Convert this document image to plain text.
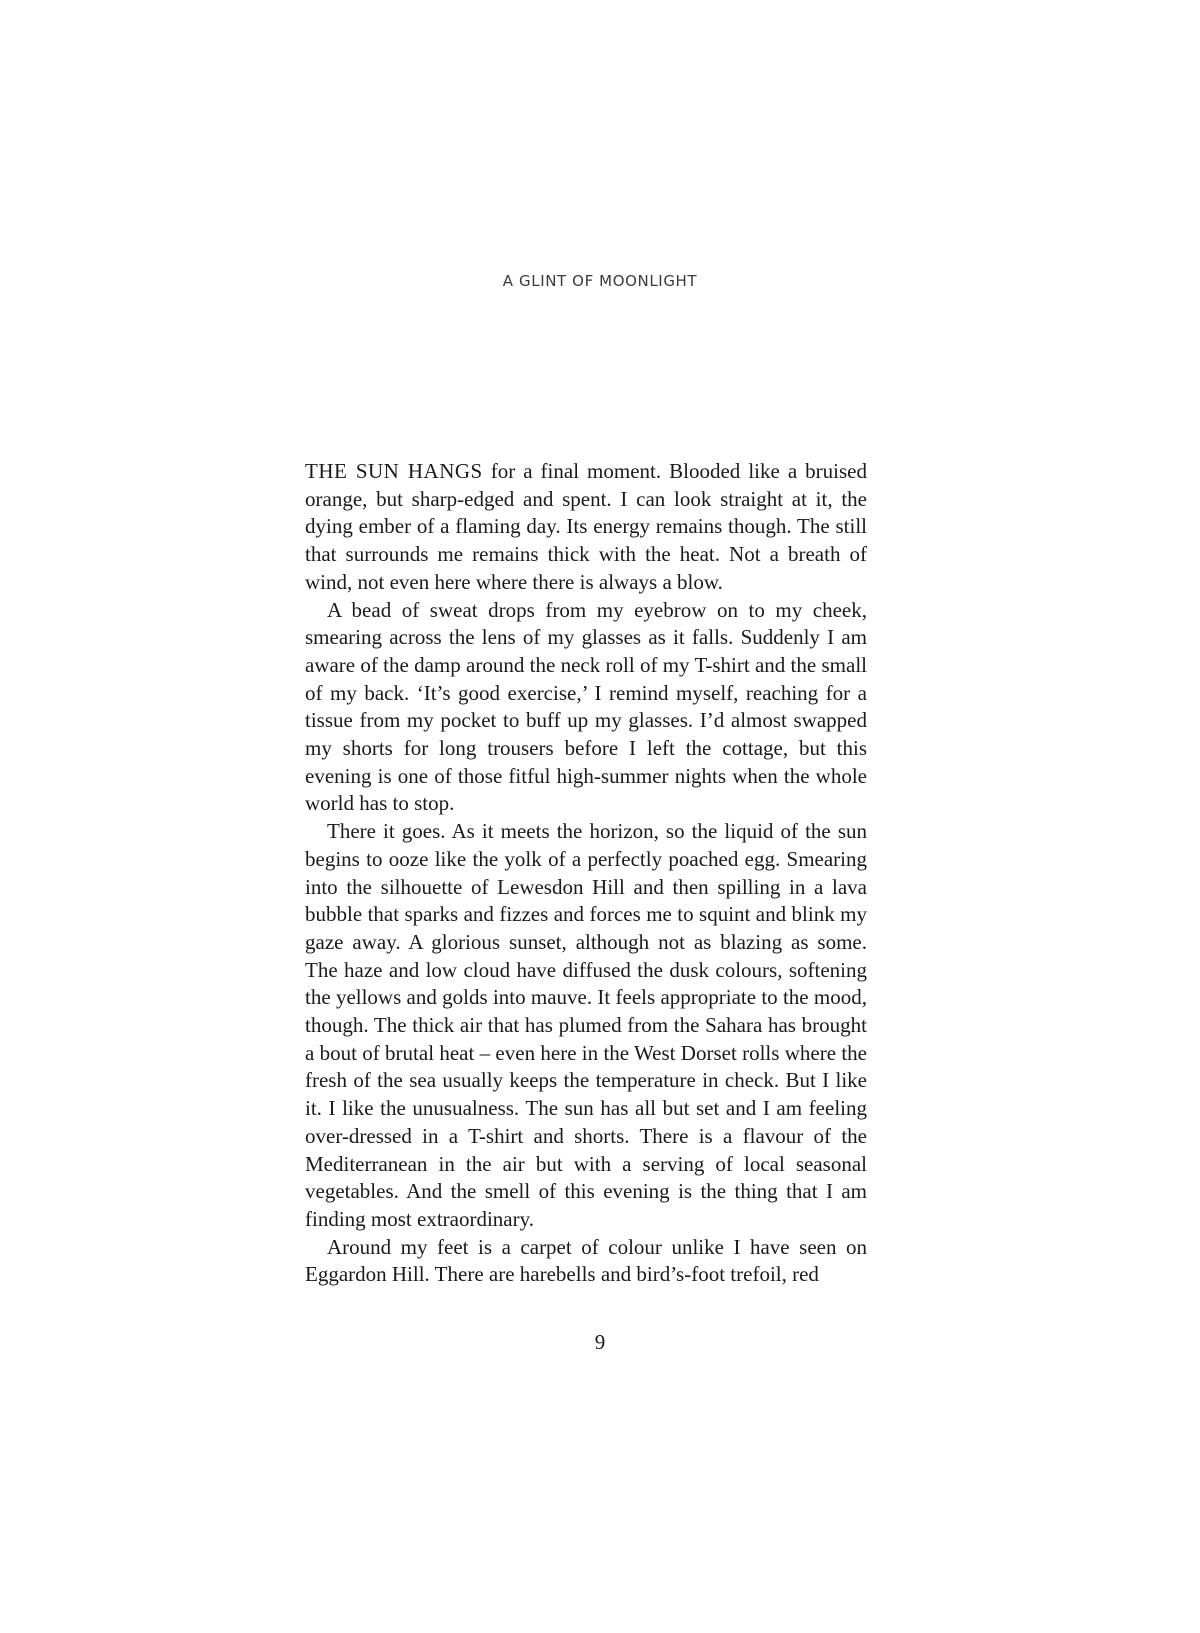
A GLINT OF MOONLIGHT

THE SUN HANGS for a final moment. Blooded like a bruised orange, but sharp-edged and spent. I can look straight at it, the dying ember of a flaming day. Its energy remains though. The still that surrounds me remains thick with the heat. Not a breath of wind, not even here where there is always a blow.

A bead of sweat drops from my eyebrow on to my cheek, smearing across the lens of my glasses as it falls. Suddenly I am aware of the damp around the neck roll of my T-shirt and the small of my back. ‘It’s good exercise,’ I remind myself, reaching for a tissue from my pocket to buff up my glasses. I’d almost swapped my shorts for long trousers before I left the cottage, but this evening is one of those fitful high-summer nights when the whole world has to stop.

There it goes. As it meets the horizon, so the liquid of the sun begins to ooze like the yolk of a perfectly poached egg. Smearing into the silhouette of Lewesdon Hill and then spilling in a lava bubble that sparks and fizzes and forces me to squint and blink my gaze away. A glorious sunset, although not as blazing as some. The haze and low cloud have diffused the dusk colours, softening the yellows and golds into mauve. It feels appropriate to the mood, though. The thick air that has plumed from the Sahara has brought a bout of brutal heat – even here in the West Dorset rolls where the fresh of the sea usually keeps the temperature in check. But I like it. I like the unusualness. The sun has all but set and I am feeling over-dressed in a T-shirt and shorts. There is a flavour of the Mediterranean in the air but with a serving of local seasonal vegetables. And the smell of this evening is the thing that I am finding most extraordinary.

Around my feet is a carpet of colour unlike I have seen on Eggardon Hill. There are harebells and bird’s-foot trefoil, red

9
